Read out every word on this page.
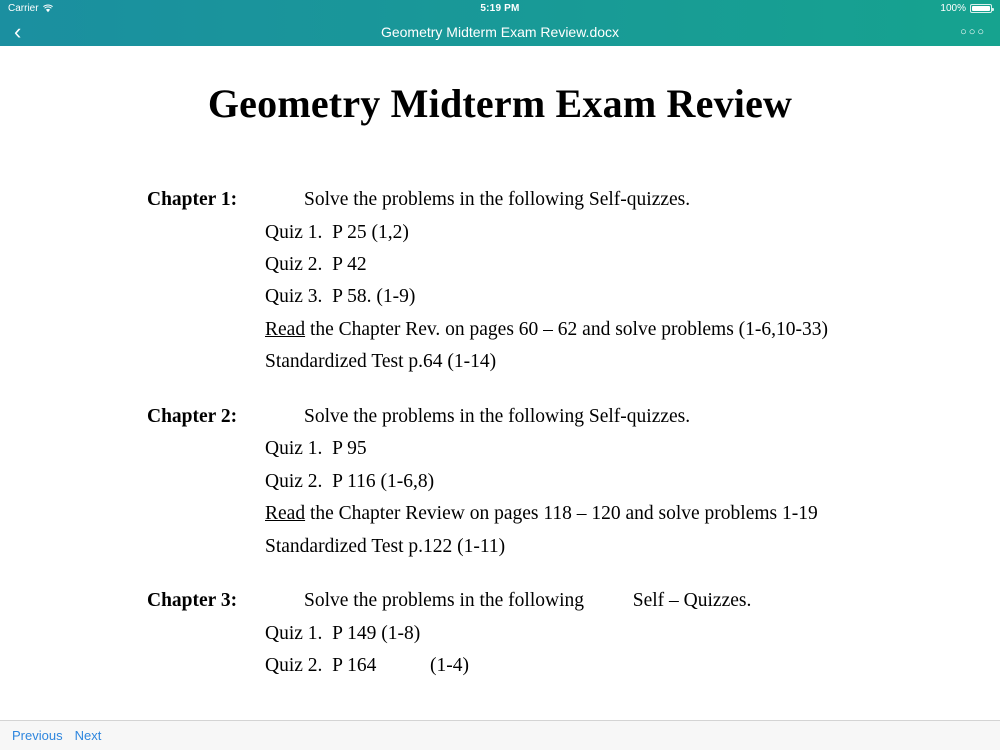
Carrier	5:19 PM	100%
‹	Geometry Midterm Exam Review.docx	○○○
Geometry Midterm Exam Review
Chapter 1:	Solve the problems in the following Self-quizzes.
Quiz 1.  P 25 (1,2)
Quiz 2.  P 42
Quiz 3.  P 58. (1-9)
Read the Chapter Rev. on pages 60 – 62 and solve problems (1-6,10-33)
Standardized Test p.64 (1-14)
Chapter 2:	Solve the problems in the following Self-quizzes.
Quiz 1.  P 95
Quiz 2.  P 116 (1-6,8)
Read the Chapter Review on pages 118 – 120 and solve problems 1-19
Standardized Test p.122 (1-11)
Chapter 3:	Solve the problems in the following          Self – Quizzes.
Quiz 1.  P 149 (1-8)
Quiz 2.  P 164           (1-4)
Previous Next
